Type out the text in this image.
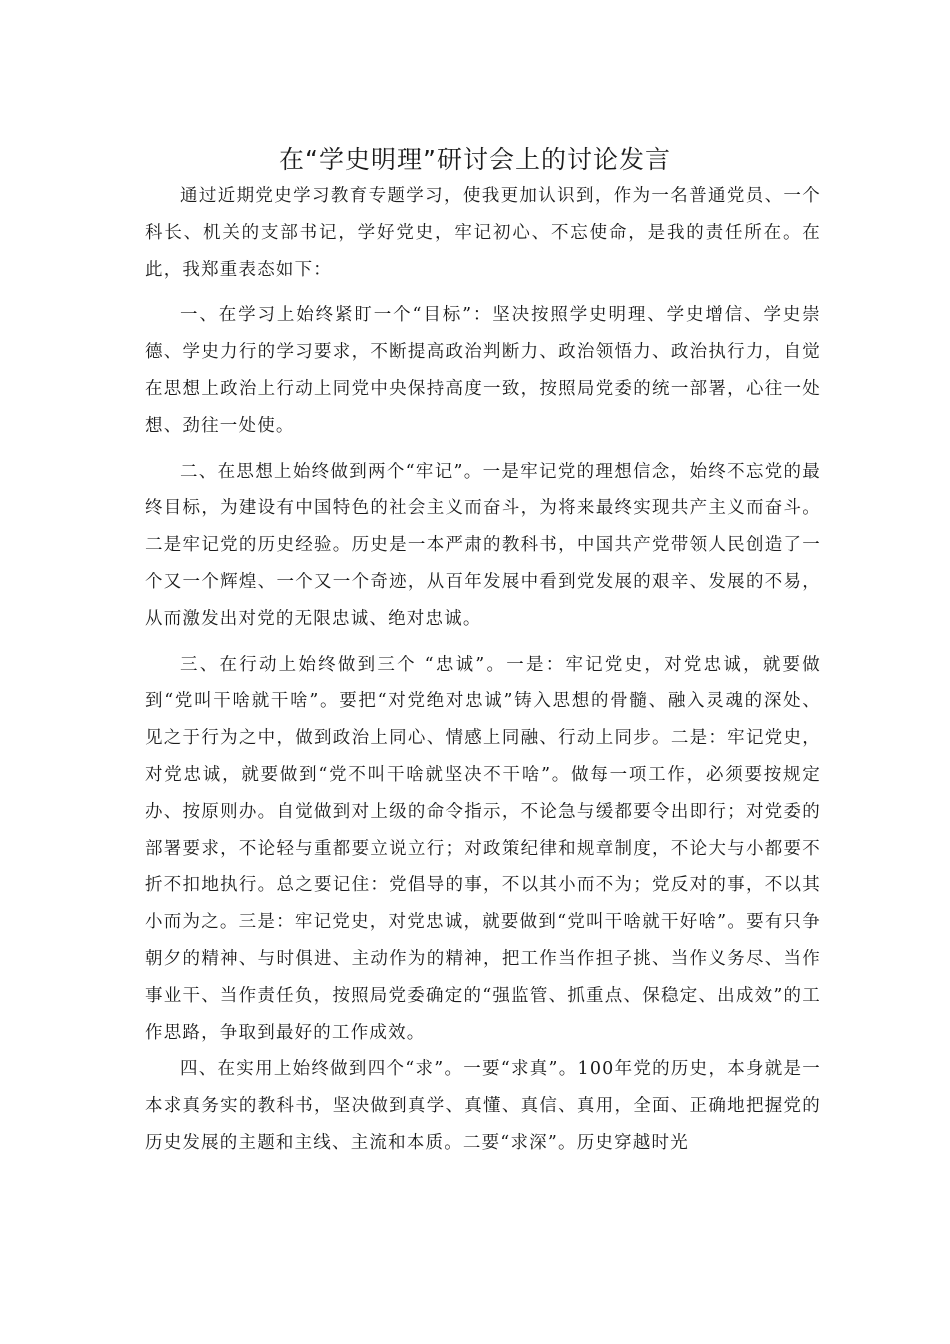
在“学史明理”研讨会上的讨论发言

通过近期党史学习教育专题学习，使我更加认识到，作为一名普通党员、一个科长、机关的支部书记，学好党史，牢记初心、不忘使命，是我的责任所在。在此，我郑重表态如下：

一、在学习上始终紧盯一个“目标”：坚决按照学史明理、学史增信、学史崇德、学史力行的学习要求，不断提高政治判断力、政治领悟力、政治执行力，自觉在思想上政治上行动上同党中央保持高度一致，按照局党委的统一部署，心往一处想、劲往一处使。

二、在思想上始终做到两个“牢记”。一是牢记党的理想信念，始终不忘党的最终目标，为建设有中国特色的社会主义而奋斗，为将来最终实现共产主义而奋斗。二是牢记党的历史经验。历史是一本严肃的教科书，中国共产党带领人民创造了一个又一个辉煌、一个又一个奇迹，从百年发展中看到党发展的艰辛、发展的不易，从而激发出对党的无限忠诚、绝对忠诚。

三、在行动上始终做到三个 “忠诚”。一是：牢记党史，对党忠诚，就要做到“党叫干啥就干啥”。要把“对党绝对忠诚”铸入思想的骨髓、融入灵魂的深处、见之于行为之中，做到政治上同心、情感上同融、行动上同步。二是：牢记党史，对党忠诚，就要做到“党不叫干啥就坚决不干啥”。做每一项工作，必须要按规定办、按原则办。自觉做到对上级的命令指示，不论急与缓都要令出即行；对党委的部署要求，不论轻与重都要立说立行；对政策纪律和规章制度，不论大与小都要不折不扣地执行。总之要记住：党倡导的事，不以其小而不为；党反对的事，不以其小而为之。三是：牢记党史，对党忠诚，就要做到“党叫干啥就干好啥”。要有只争朝夕的精神、与时俱进、主动作为的精神，把工作当作担子挑、当作义务尽、当作事业干、当作责任负，按照局党委确定的“强监管、抓重点、保稳定、出成效”的工作思路，争取到最好的工作成效。

四、在实用上始终做到四个“求”。一要“求真”。100年党的历史，本身就是一本求真务实的教科书，坚决做到真学、真懂、真信、真用，全面、正确地把握党的历史发展的主题和主线、主流和本质。二要“求深”。历史穿越时光
